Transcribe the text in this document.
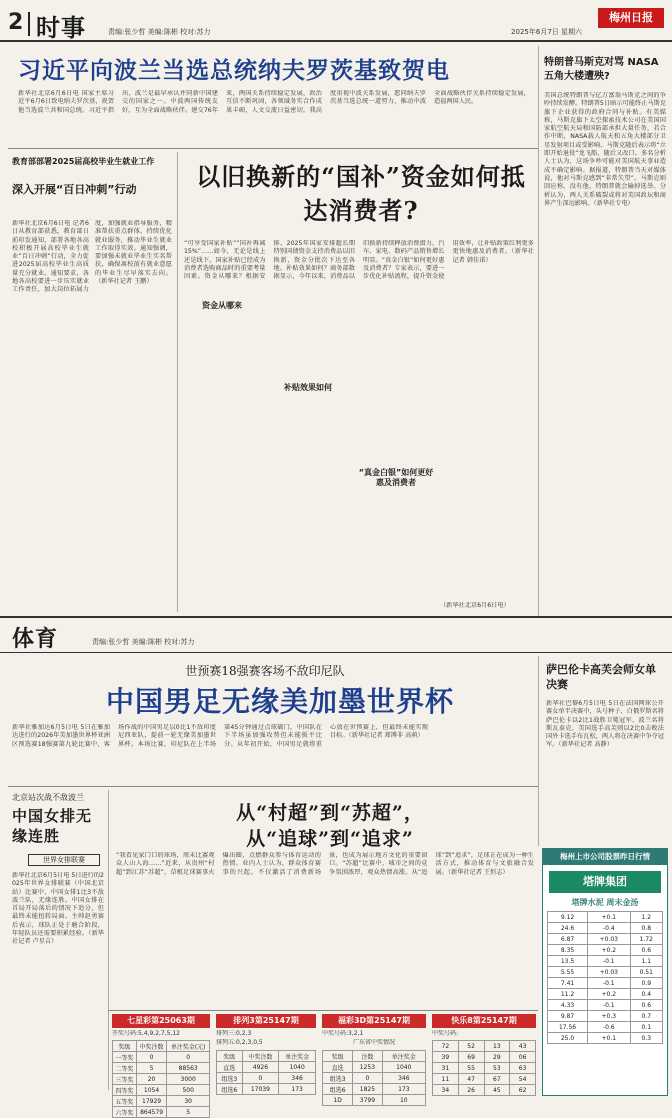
2 时事	责编:张少哲 美编:陈彬 校对:苏力	2025年6月7日 星期六
梅州日报
习近平向波兰当选总统纳夫罗茨基致贺电
新华社北京6月6日电 国家主席习近平6月6日致电纳夫罗茨基，祝贺他当选波兰共和国总统。习近平指出，波兰是最早承认并同新中国建交的国家之一。中波两国传统友好，互为全面战略伙伴。建交76年来，两国关系持续稳定发展，政治互信不断巩固，各领域务实合作成果丰硕，人文交流日益密切。我高度重视中波关系发展，愿同纳夫罗茨基当选总统一道努力，推动中波全面战略伙伴关系持续稳定发展，造福两国人民。
特朗普马斯克对骂 NASA五角大楼遭殃?
美国总统特朗普与亿万富翁马斯克之间的争吵持续发酵。特朗普5日暗示可能终止马斯克旗下企业获得的政府合同与补贴。有美媒称，马斯克旗下太空探索技术公司在美国国家航空航天局和国防部承担大量任务，若合作中断，NASA载人航天和五角大楼部分卫星发射项目或受影响。马斯克随后表示将“立即开始退役”龙飞船，随后又改口。多名分析人士认为，这场争吵可能对美国航天事业造成不确定影响。据报道，特朗普当天对媒体说，他对马斯克感到“非常失望”。马斯克则回应称，没有他，特朗普就会输掉选举。分析认为，两人关系破裂或将对美国政坛和商界产生深远影响。（新华社专电）
教育部部署2025届高校毕业生就业工作
深入开展“百日冲刺”行动
新华社北京6月6日电 记者6日从教育部获悉，教育部日前印发通知，部署各地各高校积极开展高校毕业生就业“百日冲刺”行动，全力促进2025届高校毕业生高质量充分就业。通知要求，各地各高校要进一步压实就业工作责任，加大岗位拓展力度，加强就业指导服务，精准帮扶重点群体，持续优化就业服务，推动毕业生就业工作取得实效。通知强调，要加强未就业毕业生实名帮扶，确保离校前有就业意愿的毕业生尽早落实去向。（新华社记者 王鹏）
以旧换新的“国补”资金如何抵达消费者?
资金从哪来
补贴效果如何
“真金白银”如何更好惠及消费者
“可享受国家补贴”“国补再减15%”……如今，无论是线上还是线下，国家补贴已经成为消费者选购商品时的重要考量因素。资金从哪来？根据安排，2025年国家安排超长期特别国债资金支持消费品以旧换新，资金分批次下达至各地。补贴效果如何？商务部数据显示，今年以来，消费品以旧换新持续释放消费潜力，汽车、家电、数码产品销售增长明显。“真金白银”如何更好惠及消费者？专家表示，要进一步优化补贴流程，提升资金使用效率，让补贴政策红利更多更快地惠及消费者。（新华社记者 韩佳诺）
（新华社北京6月6日电）
体育	责编:张少哲 美编:陈彬 校对:苏力
世预赛18强赛客场不敌印尼队
中国男足无缘美加墨世界杯
新华社雅加达6月5日电 5日在雅加达进行的2026年美加墨世界杯亚洲区预选赛18强赛第九轮比赛中，客场作战的中国男足以0比1不敌印度尼西亚队，提前一轮无缘美加墨世界杯。本场比赛，印尼队在上半场第45分钟通过点球破门，中国队在下半场虽加强攻势但未能扳平比分。从年初开始，中国男足就将重心放在世预赛上，但最终未能实现目标。（新华社记者 郑博非 高萌）
萨巴伦卡高芙会师女单决赛
新华社巴黎6月5日电 5日在法国网球公开赛女单半决赛中，头号种子、白俄罗斯名将萨巴伦卡以2比1战胜卫冕冠军、波兰名将斯瓦泰克，美国选手高芙则以2比0击败法国外卡选手布瓦松，两人将在决赛中争夺冠军。（新华社记者 高静）
北京站次战不敌波兰
中国女排无缘连胜
世界女排联赛
新华社北京6月5日电 5日进行的2025年世界女排联赛（中国北京站）比赛中，中国女排1比3不敌波兰队，无缘连胜。中国女排在首局开局落后的情况下追分，但最终未能扭转局面。主帅赵勇赛后表示，球队正处于磨合阶段，年轻队员还需要积累经验。（新华社记者 卢星吉）
从“村超”到“苏超”，
从“追球”到“追求”
“我看见家门口的球场，周末比赛观众人山人海……”近来，从贵州“村超”到江苏“苏超”，草根足球赛事火爆出圈，点燃群众参与体育运动的热情。业内人士认为，群众体育赛事的兴起，不仅激活了消费新场景，也成为展示地方文化的重要窗口。“苏超”比赛中，城市之间的竞争氛围浓厚，观众热情高涨。从“追球”到“追求”，足球正在成为一种生活方式，推动体育与文旅融合发展。（新华社记者 王恒志）
梅州上市公司股票昨日行情
塔牌集团
塔牌水泥 周末金汤
9.12	+0.1	1.2
24.6	-0.4	0.8
6.87	+0.03	1.72
8.35	+0.2	0.6
13.5	-0.1	1.1
5.55	+0.03	0.51
7.41	-0.1	0.9
11.2	+0.2	0.4
4.33	-0.1	0.6
9.87	+0.3	0.7
17.56	-0.6	0.1
25.0	+0.1	0.3
七星彩第25063期
开奖号码:5,4,9,2,7,5,12
奖级	中奖注数	单注奖金(元)
一等奖	0	0
二等奖	5	88563
三等奖	20	3000
四等奖	1054	500
五等奖	17929	30
六等奖	864579	5
排列3第25147期
排列三:0,2,3
排列五:0,2,3,0,5
奖级	中奖注数	单注奖金
直选	4926	1040
组选3	0	346
组选6	17039	173
福彩3D第25147期
中奖号码:3,2,1
广东省中奖情况
奖级	注数	单注奖金
直选	1253	1040
组选3	0	346
组选6	1825	173
1D	3799	10
快乐8第25147期
中奖号码:
72	52	13	43
39	69	29	06
31	55	53	63
11	47	67	54
34	26	45	62
